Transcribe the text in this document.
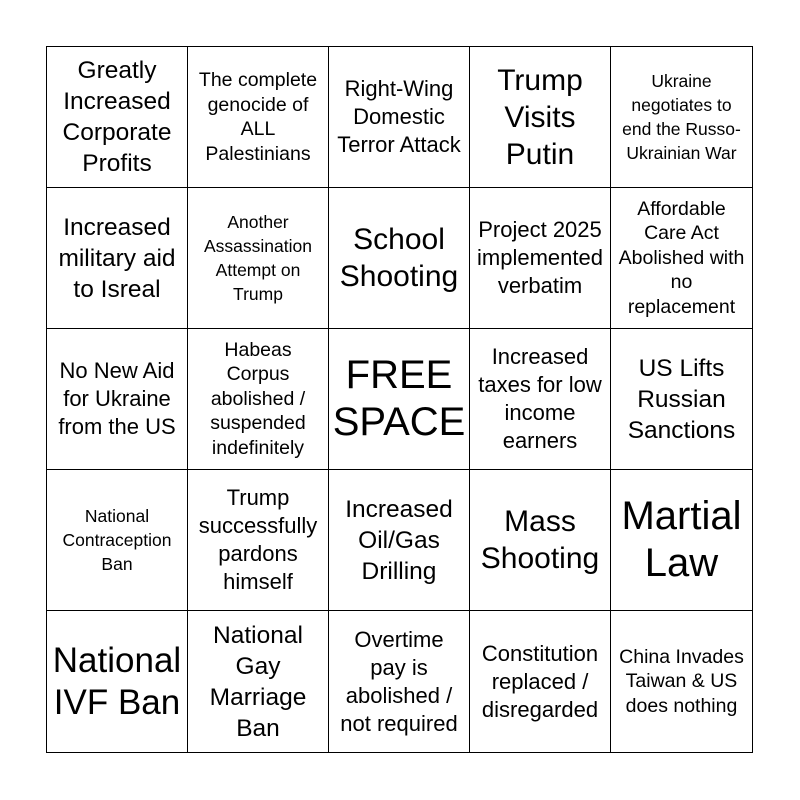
Greatly Increased Corporate Profits
The complete genocide of ALL Palestinians
Right-Wing Domestic Terror Attack
Trump Visits Putin
Ukraine negotiates to end the Russo-Ukrainian War
Increased military aid to Isreal
Another Assassination Attempt on Trump
School Shooting
Project 2025 implemented verbatim
Affordable Care Act Abolished with no replacement
No New Aid for Ukraine from the US
Habeas Corpus abolished / suspended indefinitely
FREE SPACE
Increased taxes for low income earners
US Lifts Russian Sanctions
National Contraception Ban
Trump successfully pardons himself
Increased Oil/Gas Drilling
Mass Shooting
Martial Law
National IVF Ban
National Gay Marriage Ban
Overtime pay is abolished / not required
Constitution replaced / disregarded
China Invades Taiwan & US does nothing
